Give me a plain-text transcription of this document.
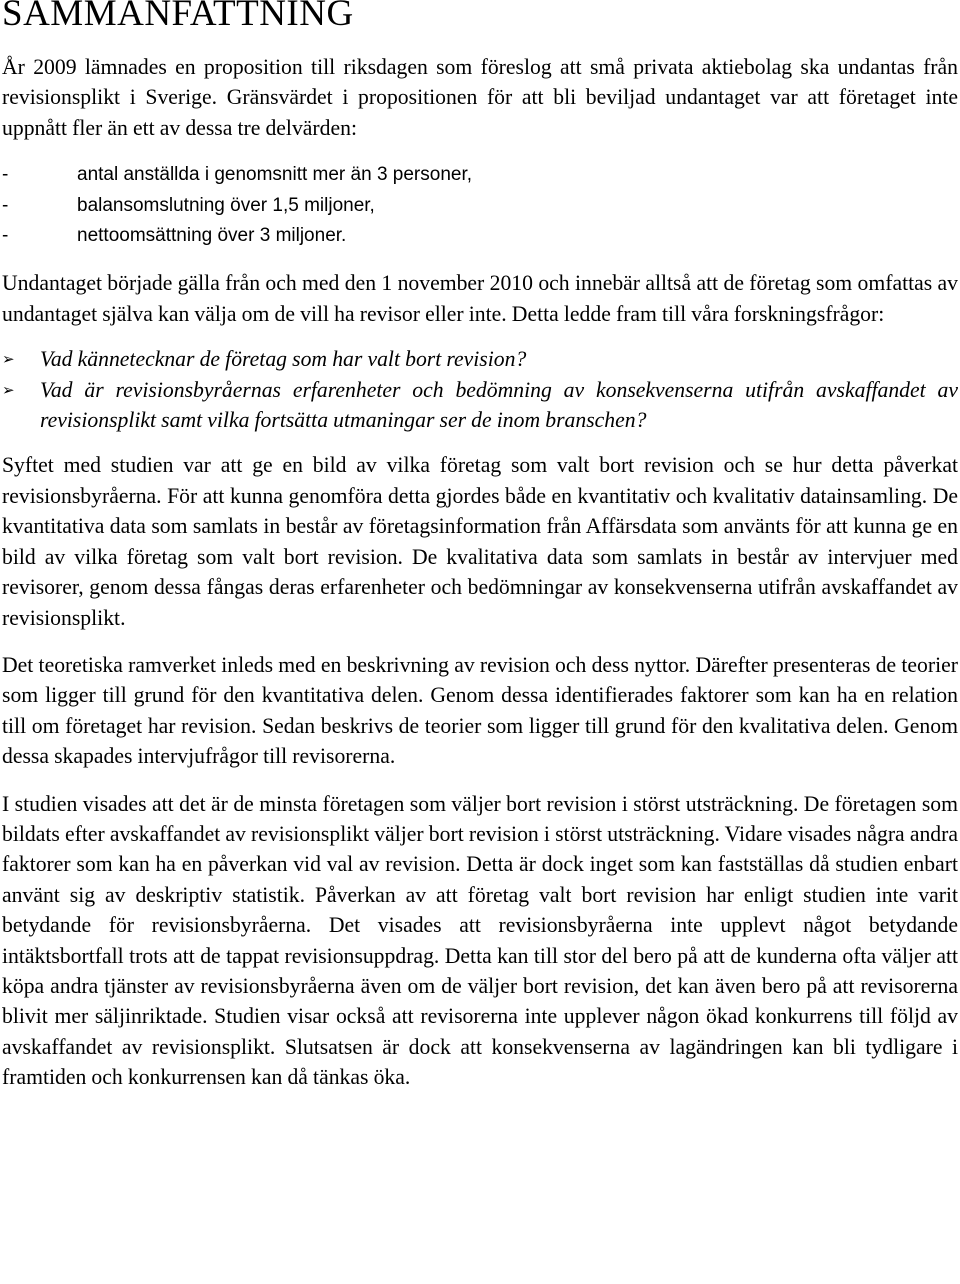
SAMMANFATTNING

År 2009 lämnades en proposition till riksdagen som föreslog att små privata aktiebolag ska undantas från revisionsplikt i Sverige. Gränsvärdet i propositionen för att bli beviljad undantaget var att företaget inte uppnått fler än ett av dessa tre delvärden:

-	antal anställda i genomsnitt mer än 3 personer,
-	balansomslutning över 1,5 miljoner,
-	nettoomsättning över 3 miljoner.

Undantaget började gälla från och med den 1 november 2010 och innebär alltså att de företag som omfattas av undantaget själva kan välja om de vill ha revisor eller inte. Detta ledde fram till våra forskningsfrågor:

➢ Vad kännetecknar de företag som har valt bort revision?
➢ Vad är revisionsbyråernas erfarenheter och bedömning av konsekvenserna utifrån avskaffandet av revisionsplikt samt vilka fortsätta utmaningar ser de inom branschen?

Syftet med studien var att ge en bild av vilka företag som valt bort revision och se hur detta påverkat revisionsbyråerna. För att kunna genomföra detta gjordes både en kvantitativ och kvalitativ datainsamling. De kvantitativa data som samlats in består av företagsinformation från Affärsdata som använts för att kunna ge en bild av vilka företag som valt bort revision. De kvalitativa data som samlats in består av intervjuer med revisorer, genom dessa fångas deras erfarenheter och bedömningar av konsekvenserna utifrån avskaffandet av revisionsplikt.

Det teoretiska ramverket inleds med en beskrivning av revision och dess nyttor. Därefter presenteras de teorier som ligger till grund för den kvantitativa delen. Genom dessa identifierades faktorer som kan ha en relation till om företaget har revision. Sedan beskrivs de teorier som ligger till grund för den kvalitativa delen. Genom dessa skapades intervjufrågor till revisorerna.

I studien visades att det är de minsta företagen som väljer bort revision i störst utsträckning. De företagen som bildats efter avskaffandet av revisionsplikt väljer bort revision i störst utsträckning. Vidare visades några andra faktorer som kan ha en påverkan vid val av revision. Detta är dock inget som kan fastställas då studien enbart använt sig av deskriptiv statistik. Påverkan av att företag valt bort revision har enligt studien inte varit betydande för revisionsbyråerna. Det visades att revisionsbyråerna inte upplevt något betydande intäktsbortfall trots att de tappat revisionsuppdrag. Detta kan till stor del bero på att de kunderna ofta väljer att köpa andra tjänster av revisionsbyråerna även om de väljer bort revision, det kan även bero på att revisorerna blivit mer säljinriktade. Studien visar också att revisorerna inte upplever någon ökad konkurrens till följd av avskaffandet av revisionsplikt. Slutsatsen är dock att konsekvenserna av lagändringen kan bli tydligare i framtiden och konkurrensen kan då tänkas öka.
